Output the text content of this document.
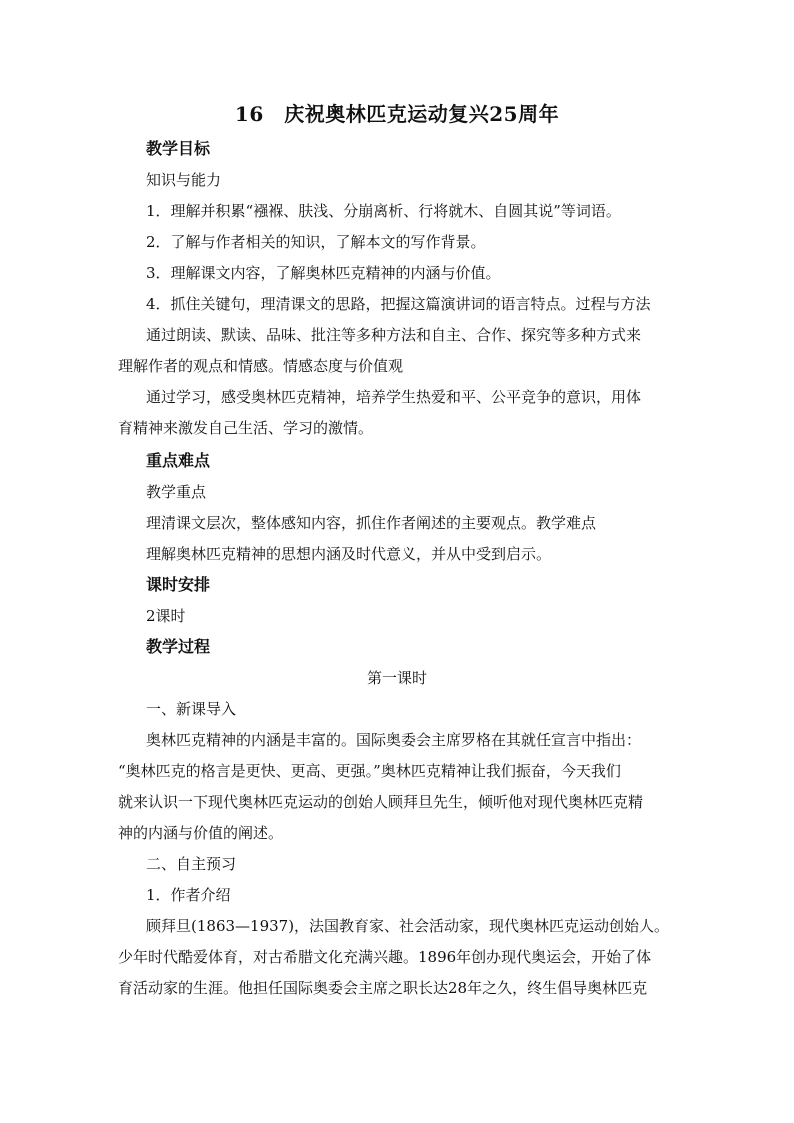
16　庆祝奥林匹克运动复兴25周年
教学目标
知识与能力
1．理解并积累“襁褓、肤浅、分崩离析、行将就木、自圆其说”等词语。
2．了解与作者相关的知识，了解本文的写作背景。
3．理解课文内容，了解奥林匹克精神的内涵与价值。
4．抓住关键句，理清课文的思路，把握这篇演讲词的语言特点。过程与方法
通过朗读、默读、品味、批注等多种方法和自主、合作、探究等多种方式来
理解作者的观点和情感。情感态度与价值观
通过学习，感受奥林匹克精神，培养学生热爱和平、公平竞争的意识，用体
育精神来激发自己生活、学习的激情。
重点难点
教学重点
理清课文层次，整体感知内容，抓住作者阐述的主要观点。教学难点
理解奥林匹克精神的思想内涵及时代意义，并从中受到启示。
课时安排
2课时
教学过程
第一课时
一、新课导入
奥林匹克精神的内涵是丰富的。国际奥委会主席罗格在其就任宣言中指出：
“奥林匹克的格言是更快、更高、更强。”奥林匹克精神让我们振奋，今天我们
就来认识一下现代奥林匹克运动的创始人顾拜旦先生，倾听他对现代奥林匹克精
神的内涵与价值的阐述。
二、自主预习
1．作者介绍
顾拜旦(1863—1937)，法国教育家、社会活动家，现代奥林匹克运动创始人。
少年时代酷爱体育，对古希腊文化充满兴趣。1896年创办现代奥运会，开始了体
育活动家的生涯。他担任国际奥委会主席之职长达28年之久，终生倡导奥林匹克
